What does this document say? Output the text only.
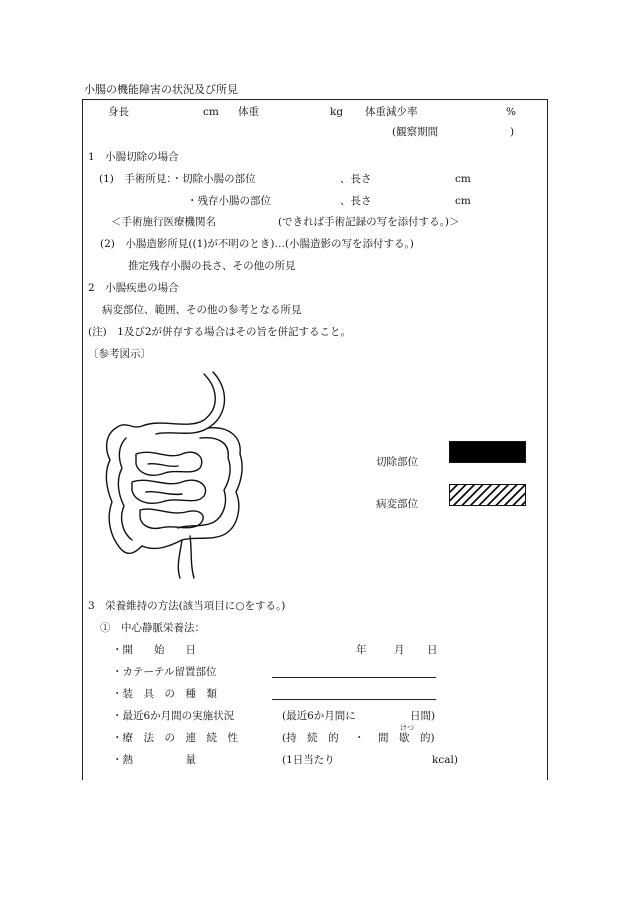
小腸の機能障害の状況及び所見
身長	cm 体重	kg 体重減少率	%
(観察期間	)
1　小腸切除の場合
(1)　手術所見：・切除小腸の部位	、長さ	cm
・残存小腸の部位	、長さ	cm
＜手術施行医療機関名	(できれば手術記録の写を添付する。)＞
(2)　小腸造影所見((1)が不明のとき)…(小腸造影の写を添付する。)
推定残存小腸の長さ、その他の所見
2　小腸疾患の場合
病変部位、範囲、その他の参考となる所見
(注)　1及び2が併存する場合はその旨を併記すること。
〔参考図示〕
切除部位
病変部位
3　栄養維持の方法(該当項目に○をする。)
①　中心静脈栄養法：
・開　　始　　日	年	月 日
・カテーテル留置部位
・装　具　の　種　類
・最近6か月間の実施状況	(最近6か月間に	日間)
けつ
・療　法　の　連　続　性	(持　続　的 ・ 間　歇　的)
・熱　　　　　量	(1日当たり	kcal)
